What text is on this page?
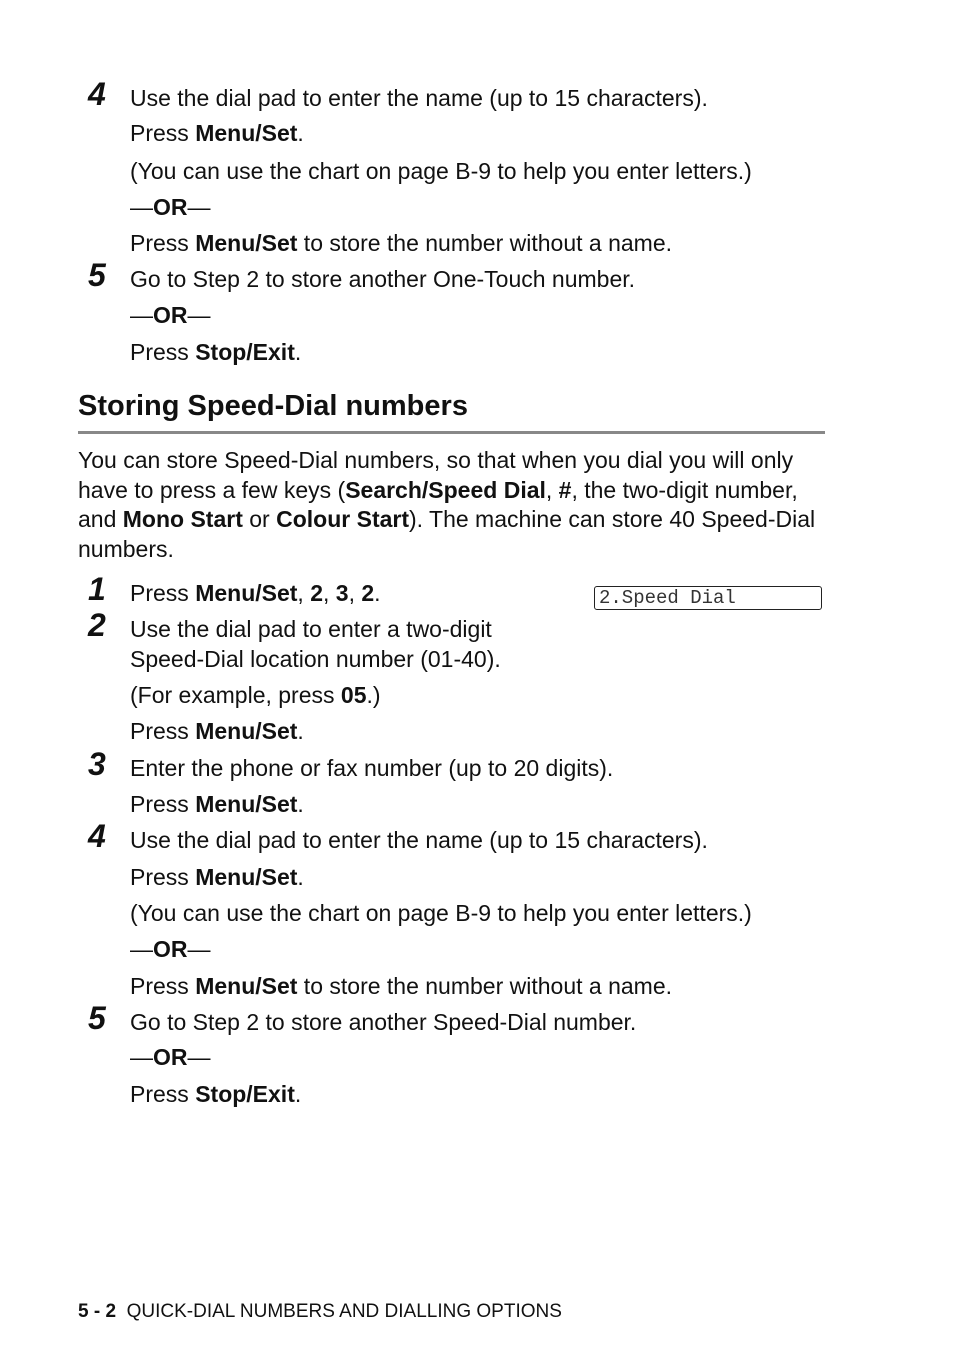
4 Use the dial pad to enter the name (up to 15 characters).
Press Menu/Set.
(You can use the chart on page B-9 to help you enter letters.)
—OR—
Press Menu/Set to store the number without a name.
5 Go to Step 2 to store another One-Touch number.
—OR—
Press Stop/Exit.
Storing Speed-Dial numbers
You can store Speed-Dial numbers, so that when you dial you will only have to press a few keys (Search/Speed Dial, #, the two-digit number, and Mono Start or Colour Start). The machine can store 40 Speed-Dial numbers.
1 Press Menu/Set, 2, 3, 2.	2.Speed Dial
2 Use the dial pad to enter a two-digit
Speed-Dial location number (01-40).
(For example, press 05.)
Press Menu/Set.
3 Enter the phone or fax number (up to 20 digits).
Press Menu/Set.
4 Use the dial pad to enter the name (up to 15 characters).
Press Menu/Set.
(You can use the chart on page B-9 to help you enter letters.)
—OR—
Press Menu/Set to store the number without a name.
5 Go to Step 2 to store another Speed-Dial number.
—OR—
Press Stop/Exit.
5 - 2 QUICK-DIAL NUMBERS AND DIALLING OPTIONS
